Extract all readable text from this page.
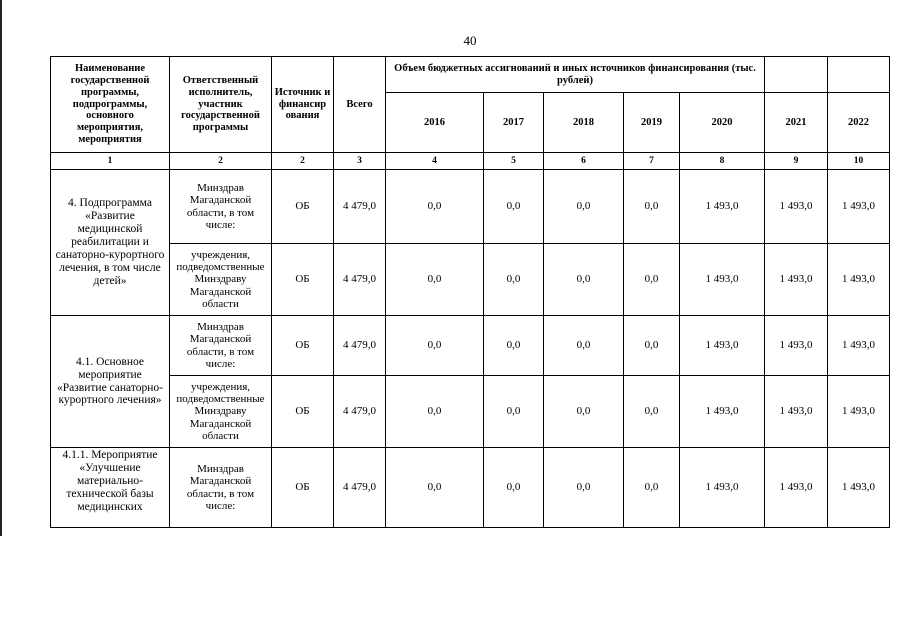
40
Наименование государственной программы, подпрограммы, основного мероприятия, мероприятия	Ответственный исполнитель, участник государственной программы	Источник и финансир ования	Всего	Объем бюджетных ассигнований и иных источников финансирования (тыс. рублей)						
				2016	2017	2018	2019	2020	2021	2022
1	2	2	3	4	5	6	7	8	9	10
4. Подпрограмма «Развитие медицинской реабилитации и санаторно-курортного лечения, в том числе детей»	Минздрав Магаданской области, в том числе:	ОБ	4 479,0	0,0	0,0	0,0	0,0	1 493,0	1 493,0	1 493,0
	учреждения, подведомственные Минздраву Магаданской области	ОБ	4 479,0	0,0	0,0	0,0	0,0	1 493,0	1 493,0	1 493,0
4.1. Основное мероприятие «Развитие санаторно-курортного лечения»	Минздрав Магаданской области, в том числе:	ОБ	4 479,0	0,0	0,0	0,0	0,0	1 493,0	1 493,0	1 493,0
	учреждения, подведомственные Минздраву Магаданской области	ОБ	4 479,0	0,0	0,0	0,0	0,0	1 493,0	1 493,0	1 493,0
4.1.1. Мероприятие «Улучшение материально-технической базы медицинских	Минздрав Магаданской области, в том числе:	ОБ	4 479,0	0,0	0,0	0,0	0,0	1 493,0	1 493,0	1 493,0
